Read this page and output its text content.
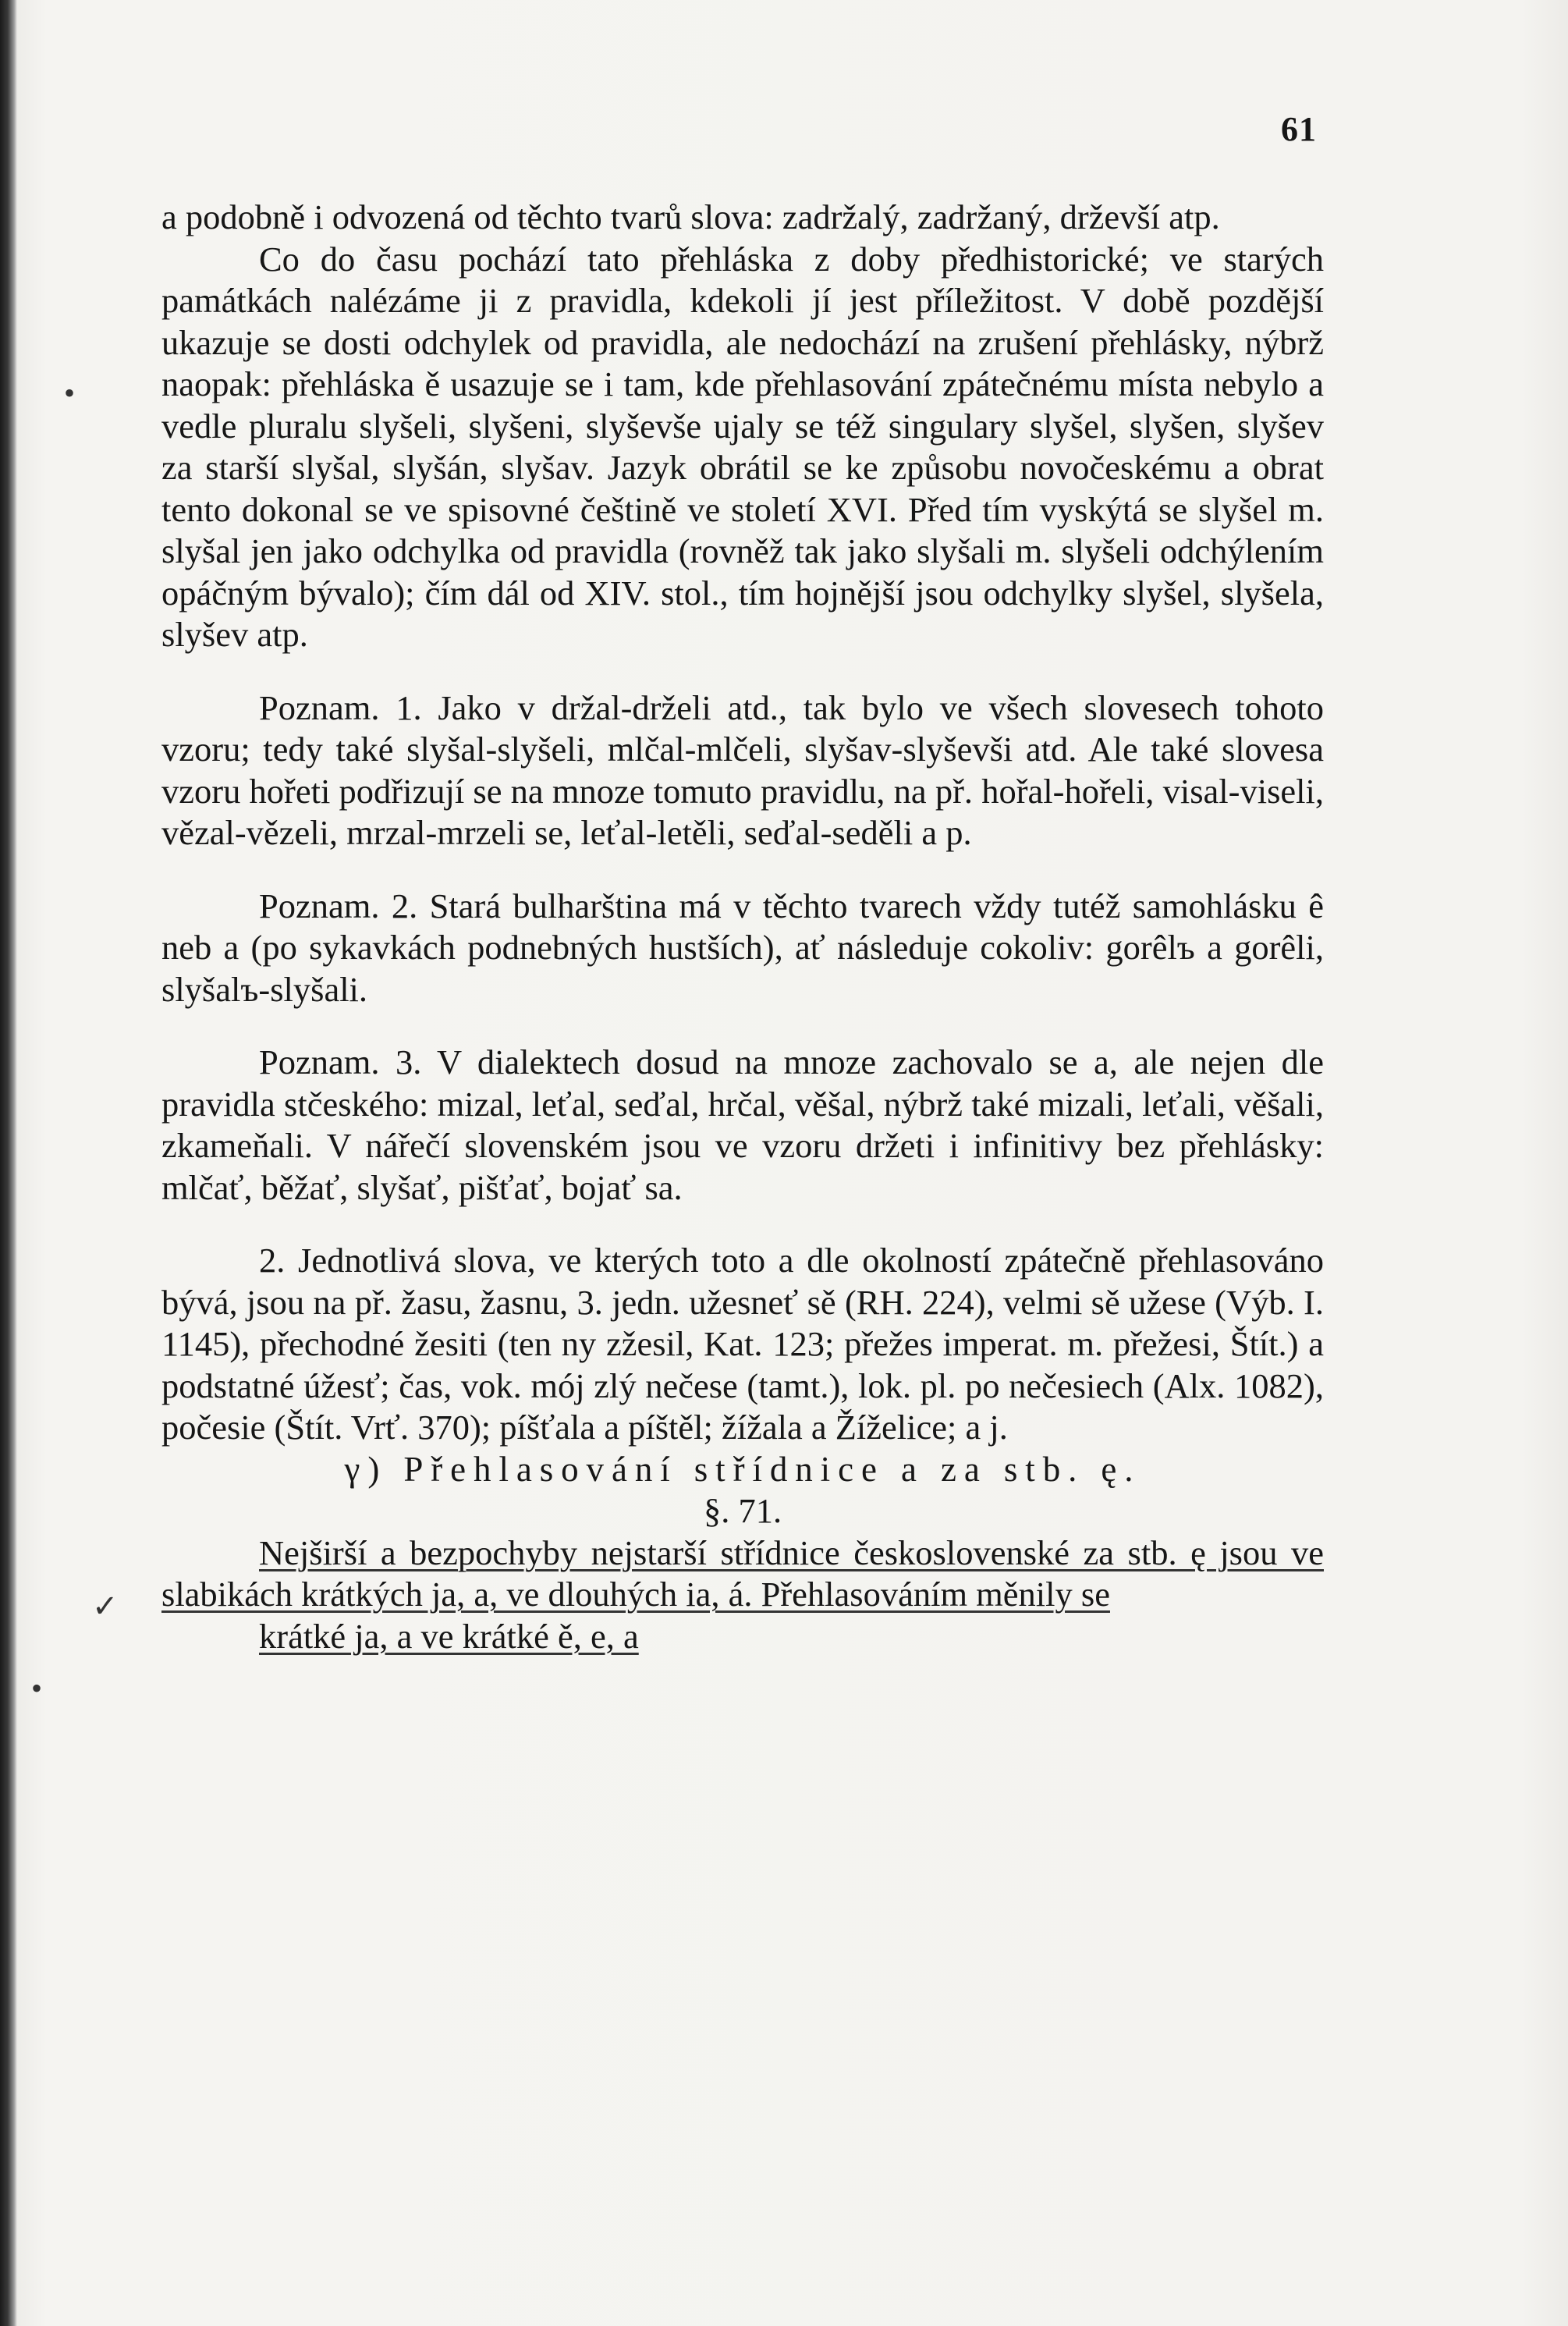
61

a podobně i odvozená od těchto tvarů slova: zadržalý, zadržaný, drževší atp.

Co do času pochází tato přehláska z doby předhistorické; ve starých památkách nalézáme ji z pravidla, kdekoli jí jest příležitost. V době pozdější ukazuje se dosti odchylek od pravidla, ale nedochází na zrušení přehlásky, nýbrž naopak: přehláska ě usazuje se i tam, kde přehlasování zpátečnému místa nebylo a vedle pluralu slyšeli, slyšeni, slyševše ujaly se též singulary slyšel, slyšen, slyšev za starší slyšal, slyšán, slyšav. Jazyk obrátil se ke způsobu novočeskému a obrat tento dokonal se ve spisovné češtině ve století XVI. Před tím vyskýtá se slyšel m. slyšal jen jako odchylka od pravidla (rovněž tak jako slyšali m. slyšeli odchýlením opáčným bývalo); čím dál od XIV. stol., tím hojnější jsou odchylky slyšel, slyšela, slyšev atp.

Poznam. 1. Jako v držal-drželi atd., tak bylo ve všech slovesech tohoto vzoru; tedy také slyšal-slyšeli, mlčal-mlčeli, slyšav-slyševši atd. Ale také slovesa vzoru hořeti podřizují se na mnoze tomuto pravidlu, na př. hořal-hořeli, visal-viseli, vězal-vězeli, mrzal-mrzeli se, leťal-letěli, seďal-seděli a p.

Poznam. 2. Stará bulharština má v těchto tvarech vždy tutéž samohlásku ê neb a (po sykavkách podnebných hustších), ať následuje cokoliv: gorêlъ a gorêli, slyšalъ-slyšali.

Poznam. 3. V dialektech dosud na mnoze zachovalo se a, ale nejen dle pravidla stčeského: mizal, leťal, seďal, hrčal, věšal, nýbrž také mizali, leťali, věšali, zkameňali. V nářečí slovenském jsou ve vzoru držeti i infinitivy bez přehlásky: mlčať, běžať, slyšať, pišťať, bojať sa.

2. Jednotlivá slova, ve kterých toto a dle okolností zpátečně přehlasováno bývá, jsou na př. žasu, žasnu, 3. jedn. užesneť sě (RH. 224), velmi sě užese (Výb. I. 1145), přechodné žesiti (ten ny zžesil, Kat. 123; přežes imperat. m. přežesi, Štít.) a podstatné úžesť; čas, vok. mój zlý nečese (tamt.), lok. pl. po nečesiech (Alx. 1082), počesie (Štít. Vrť. 370); píšťala a píštěl; žížala a Žíželice; a j.

γ) Přehlasování střídnice a za stb. ę.

§. 71.

Nejširší a bezpochyby nejstarší střídnice československé za stb. ę jsou ve slabikách krátkých ja, a, ve dlouhých ia, á. Přehlasováním měnily se

krátké ja, a ve krátké ě, e, a

•
✓
•
